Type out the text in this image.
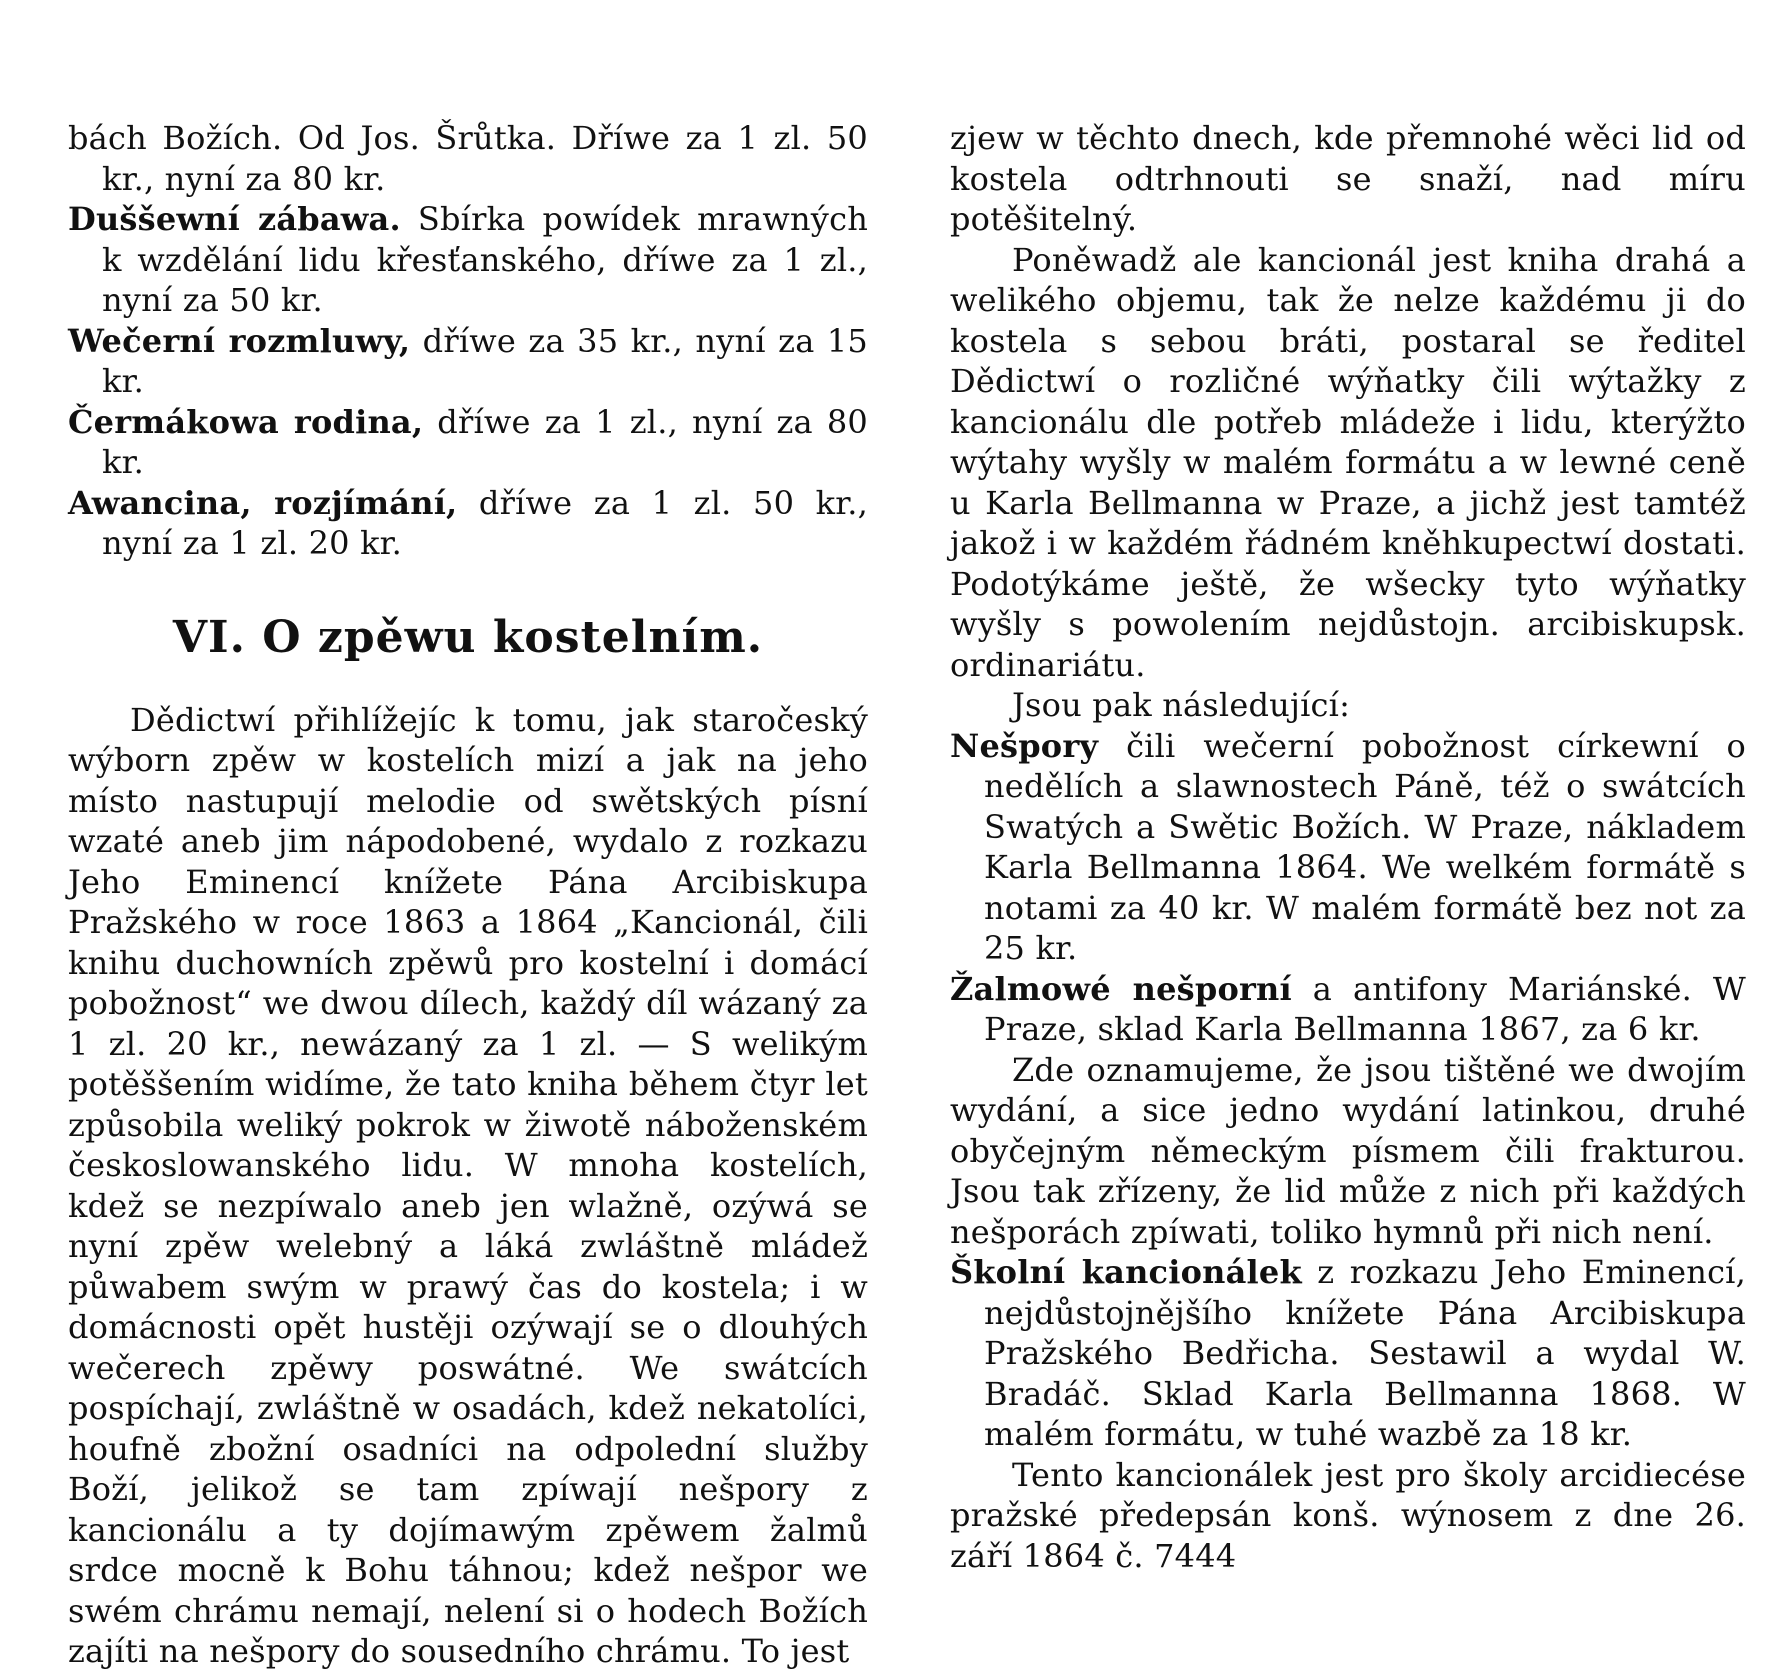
bách Božích. Od Jos. Šrůtka. Dříwe za 1 zl. 50 kr., nyní za 80 kr.

Duššewní zábawa. Sbírka powídek mrawných k wzdělání lidu křesťanského, dříwe za 1 zl., nyní za 50 kr.

Wečerní rozmluwy, dříwe za 35 kr., nyní za 15 kr.

Čermákowa rodina, dříwe za 1 zl., nyní za 80 kr.

Awancina, rozjímání, dříwe za 1 zl. 50 kr., nyní za 1 zl. 20 kr.

VI. O zpěwu kostelním.

Dědictwí přihlížejíc k tomu, jak staročeský wýborn zpěw w kostelích mizí a jak na jeho místo nastupují melodie od swětských písní wzaté aneb jim nápodobené, wydalo z rozkazu Jeho Eminencí knížete Pána Arcibiskupa Pražského w roce 1863 a 1864 „Kancionál, čili knihu duchowních zpěwů pro kostelní i domácí pobožnost“ we dwou dílech, každý díl wázaný za 1 zl. 20 kr., newázaný za 1 zl. — S welikým potěššením widíme, že tato kniha během čtyr let způsobila weliký pokrok w žiwotě náboženském českoslowanského lidu. W mnoha kostelích, kdež se nezpíwalo aneb jen wlažně, ozýwá se nyní zpěw welebný a láká zwláštně mládež půwabem swým w prawý čas do kostela; i w domácnosti opět hustěji ozýwají se o dlouhých wečerech zpěwy poswátné. We swátcích pospíchají, zwláštně w osadách, kdež nekatolíci, houfně zbožní osadníci na odpolední služby Boží, jelikož se tam zpíwají nešpory z kancionálu a ty dojímawým zpěwem žalmů srdce mocně k Bohu táhnou; kdež nešpor we swém chrámu nemají, nelení si o hodech Božích zajíti na nešpory do sousedního chrámu. To jest

zjew w těchto dnech, kde přemnohé wěci lid od kostela odtrhnouti se snaží, nad míru potěšitelný.

Poněwadž ale kancionál jest kniha drahá a welikého objemu, tak že nelze každému ji do kostela s sebou bráti, postaral se ředitel Dědictwí o rozličné wýňatky čili wýtažky z kancionálu dle potřeb mládeže i lidu, kterýžto wýtahy wyšly w malém formátu a w lewné ceně u Karla Bellmanna w Praze, a jichž jest tamtéž jakož i w každém řádném kněhkupectwí dostati. Podotýkáme ještě, že wšecky tyto wýňatky wyšly s powolením nejdůstojn. arcibiskupsk. ordinariátu.

Jsou pak následující:

Nešpory čili wečerní pobožnost církewní o nedělích a slawnostech Páně, též o swátcích Swatých a Swětic Božích. W Praze, nákladem Karla Bellmanna 1864. We welkém formátě s notami za 40 kr. W malém formátě bez not za 25 kr.

Žalmowé nešporní a antifony Mariánské. W Praze, sklad Karla Bellmanna 1867, za 6 kr.

Zde oznamujeme, že jsou tištěné we dwojím wydání, a sice jedno wydání latinkou, druhé obyčejným německým písmem čili frakturou. Jsou tak zřízeny, že lid může z nich při každých nešporách zpíwati, toliko hymnů při nich není.

Školní kancionálek z rozkazu Jeho Eminencí, nejdůstojnějšího knížete Pána Arcibiskupa Pražského Bedřicha. Sestawil a wydal W. Bradáč. Sklad Karla Bellmanna 1868. W malém formátu, w tuhé wazbě za 18 kr.

Tento kancionálek jest pro školy arcidiecése pražské předepsán konš. wýnosem z dne 26. září 1864 č. 7444
